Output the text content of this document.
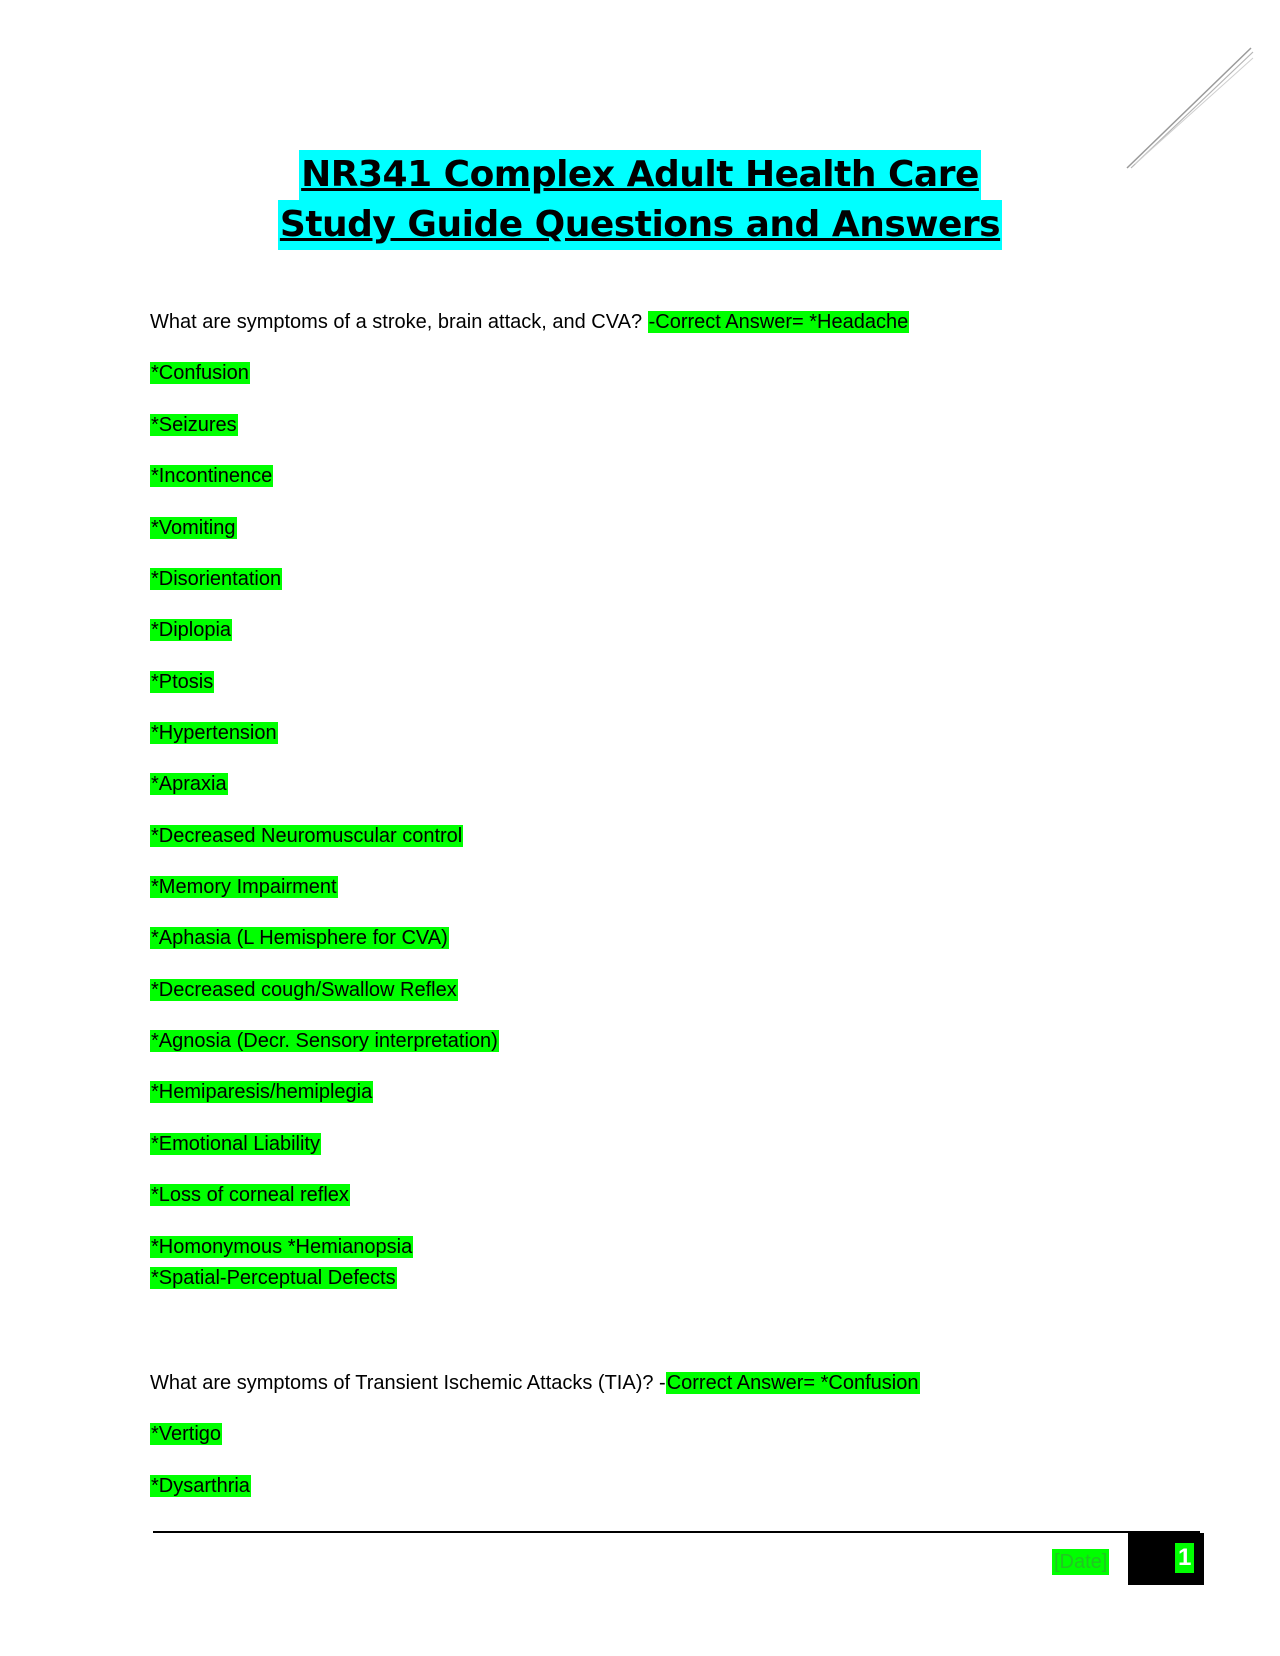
NR341 Complex Adult Health Care
Study Guide Questions and Answers
What are symptoms of a stroke, brain attack, and CVA? -Correct Answer= *Headache
*Confusion
*Seizures
*Incontinence
*Vomiting
*Disorientation
*Diplopia
*Ptosis
*Hypertension
*Apraxia
*Decreased Neuromuscular control
*Memory Impairment
*Aphasia (L Hemisphere for CVA)
*Decreased cough/Swallow Reflex
*Agnosia (Decr. Sensory interpretation)
*Hemiparesis/hemiplegia
*Emotional Liability
*Loss of corneal reflex
*Homonymous *Hemianopsia
*Spatial-Perceptual Defects
What are symptoms of Transient Ischemic Attacks (TIA)? -Correct Answer= *Confusion
*Vertigo
*Dysarthria
[Date]	1
